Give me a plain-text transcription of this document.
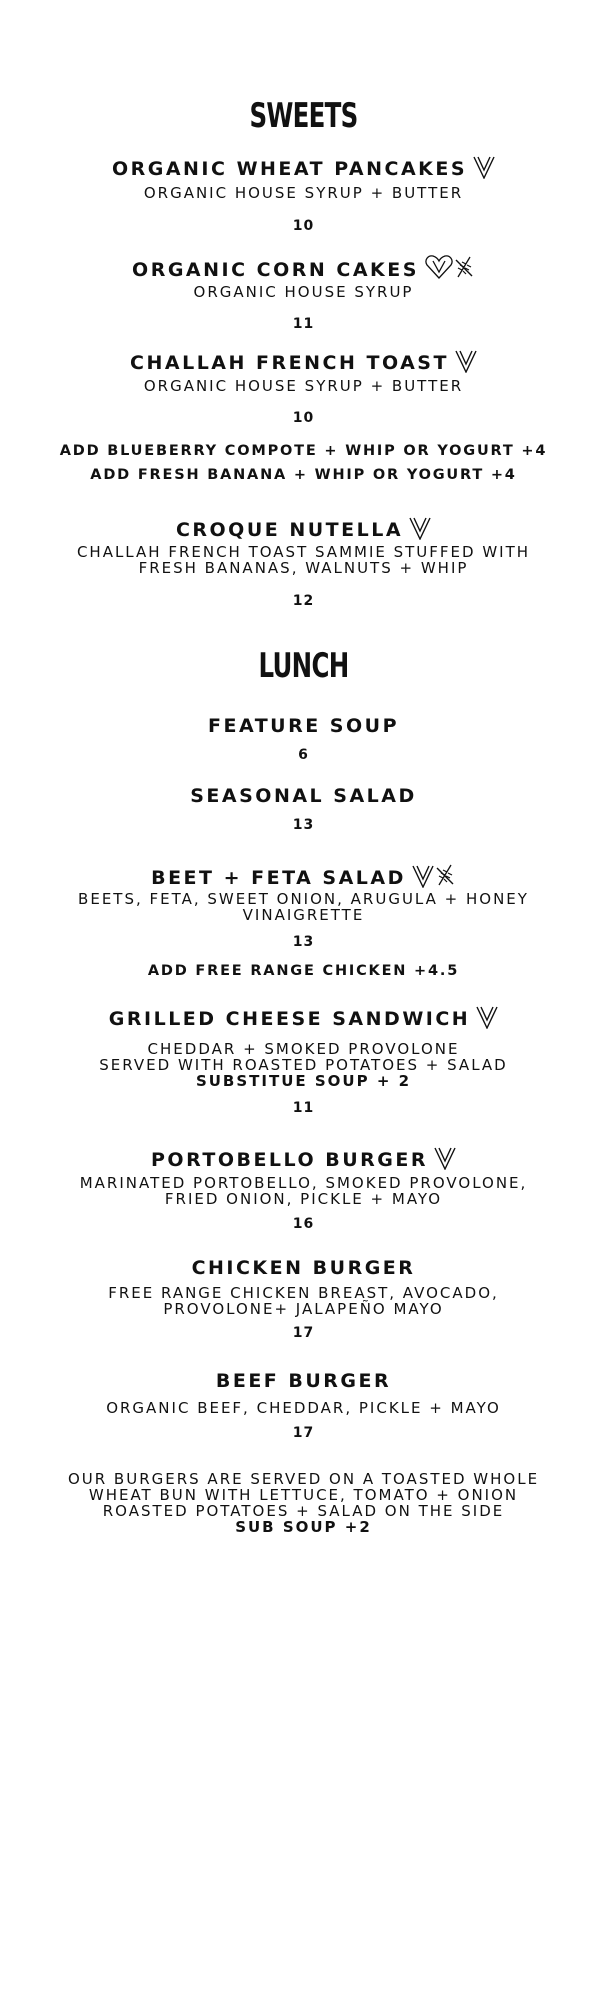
SWEETS
ORGANIC WHEAT PANCAKES
ORGANIC HOUSE SYRUP + BUTTER
10
ORGANIC CORN CAKES
ORGANIC HOUSE SYRUP
11
CHALLAH FRENCH TOAST
ORGANIC HOUSE SYRUP + BUTTER
10
ADD BLUEBERRY COMPOTE + WHIP OR YOGURT +4
ADD FRESH BANANA + WHIP OR YOGURT +4
CROQUE NUTELLA
CHALLAH FRENCH TOAST SAMMIE STUFFED WITH
FRESH BANANAS, WALNUTS + WHIP
12
LUNCH
FEATURE SOUP
6
SEASONAL SALAD
13
BEET + FETA SALAD
BEETS, FETA, SWEET ONION, ARUGULA + HONEY
VINAIGRETTE
13
ADD FREE RANGE CHICKEN +4.5
GRILLED CHEESE SANDWICH
CHEDDAR + SMOKED PROVOLONE
SERVED WITH ROASTED POTATOES + SALAD
SUBSTITUE SOUP + 2
11
PORTOBELLO BURGER
MARINATED PORTOBELLO, SMOKED PROVOLONE,
FRIED ONION, PICKLE + MAYO
16
CHICKEN BURGER
FREE RANGE CHICKEN BREAST, AVOCADO,
PROVOLONE+ JALAPEÑO MAYO
17
BEEF BURGER
ORGANIC BEEF, CHEDDAR, PICKLE + MAYO
17
OUR BURGERS ARE SERVED ON A TOASTED WHOLE
WHEAT BUN WITH LETTUCE, TOMATO + ONION
ROASTED POTATOES + SALAD ON THE SIDE
SUB SOUP +2
